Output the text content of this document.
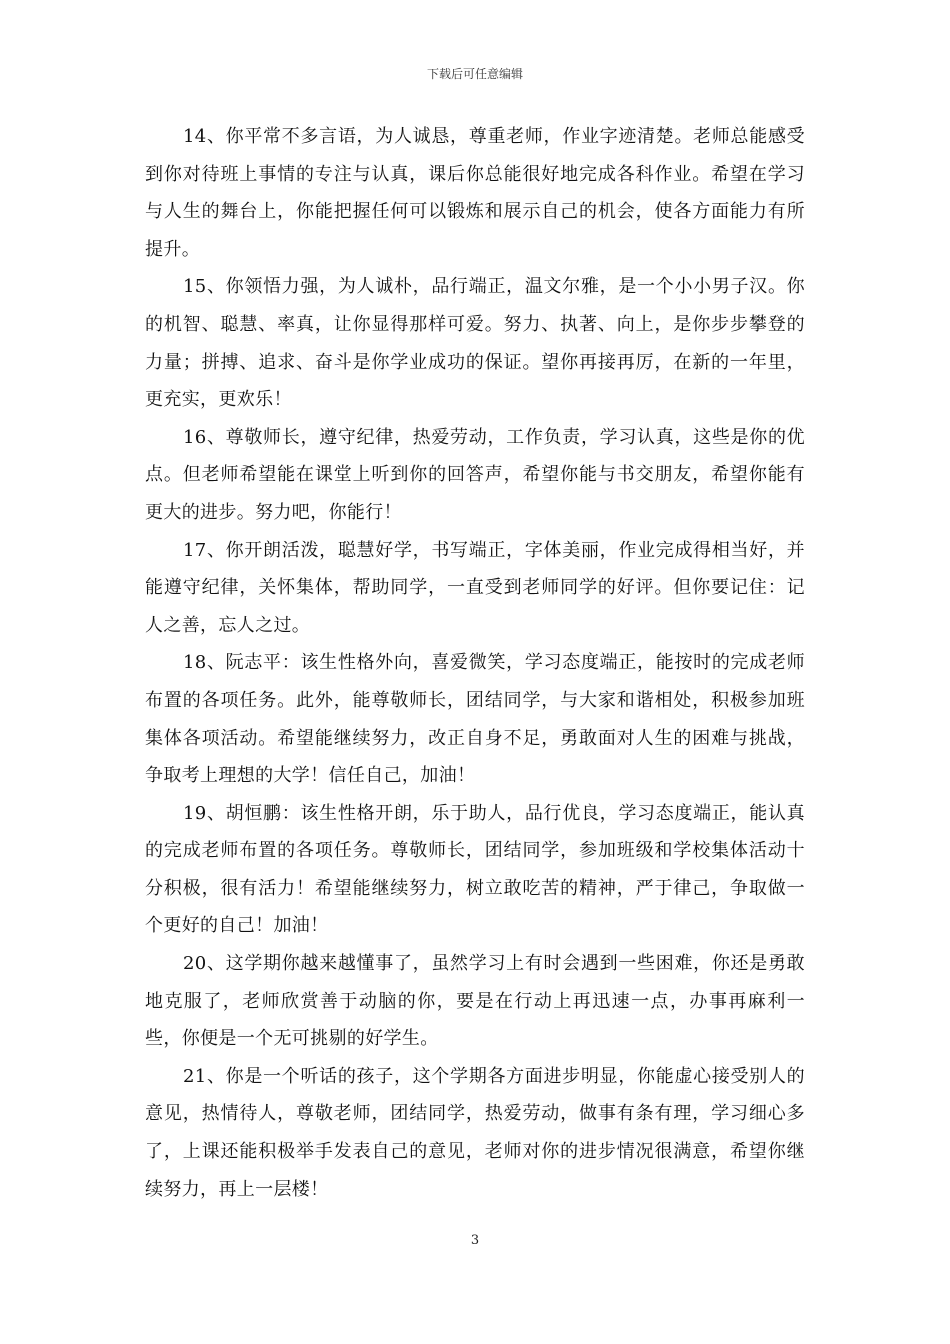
下载后可任意编辑

14、你平常不多言语，为人诚恳，尊重老师，作业字迹清楚。老师总能感受到你对待班上事情的专注与认真，课后你总能很好地完成各科作业。希望在学习与人生的舞台上，你能把握任何可以锻炼和展示自己的机会，使各方面能力有所提升。

15、你领悟力强，为人诚朴，品行端正，温文尔雅，是一个小小男子汉。你的机智、聪慧、率真，让你显得那样可爱。努力、执著、向上，是你步步攀登的力量；拼搏、追求、奋斗是你学业成功的保证。望你再接再厉，在新的一年里，更充实，更欢乐！

16、尊敬师长，遵守纪律，热爱劳动，工作负责，学习认真，这些是你的优点。但老师希望能在课堂上听到你的回答声，希望你能与书交朋友，希望你能有更大的进步。努力吧，你能行！

17、你开朗活泼，聪慧好学，书写端正，字体美丽，作业完成得相当好，并能遵守纪律，关怀集体，帮助同学，一直受到老师同学的好评。但你要记住：记人之善，忘人之过。

18、阮志平：该生性格外向，喜爱微笑，学习态度端正，能按时的完成老师布置的各项任务。此外，能尊敬师长，团结同学，与大家和谐相处，积极参加班集体各项活动。希望能继续努力，改正自身不足，勇敢面对人生的困难与挑战，争取考上理想的大学！信任自己，加油！

19、胡恒鹏：该生性格开朗，乐于助人，品行优良，学习态度端正，能认真的完成老师布置的各项任务。尊敬师长，团结同学，参加班级和学校集体活动十分积极，很有活力！希望能继续努力，树立敢吃苦的精神，严于律己，争取做一个更好的自己！加油！

20、这学期你越来越懂事了，虽然学习上有时会遇到一些困难，你还是勇敢地克服了，老师欣赏善于动脑的你，要是在行动上再迅速一点，办事再麻利一些，你便是一个无可挑剔的好学生。

21、你是一个听话的孩子，这个学期各方面进步明显，你能虚心接受别人的意见，热情待人，尊敬老师，团结同学，热爱劳动，做事有条有理，学习细心多了，上课还能积极举手发表自己的意见，老师对你的进步情况很满意，希望你继续努力，再上一层楼！

3
